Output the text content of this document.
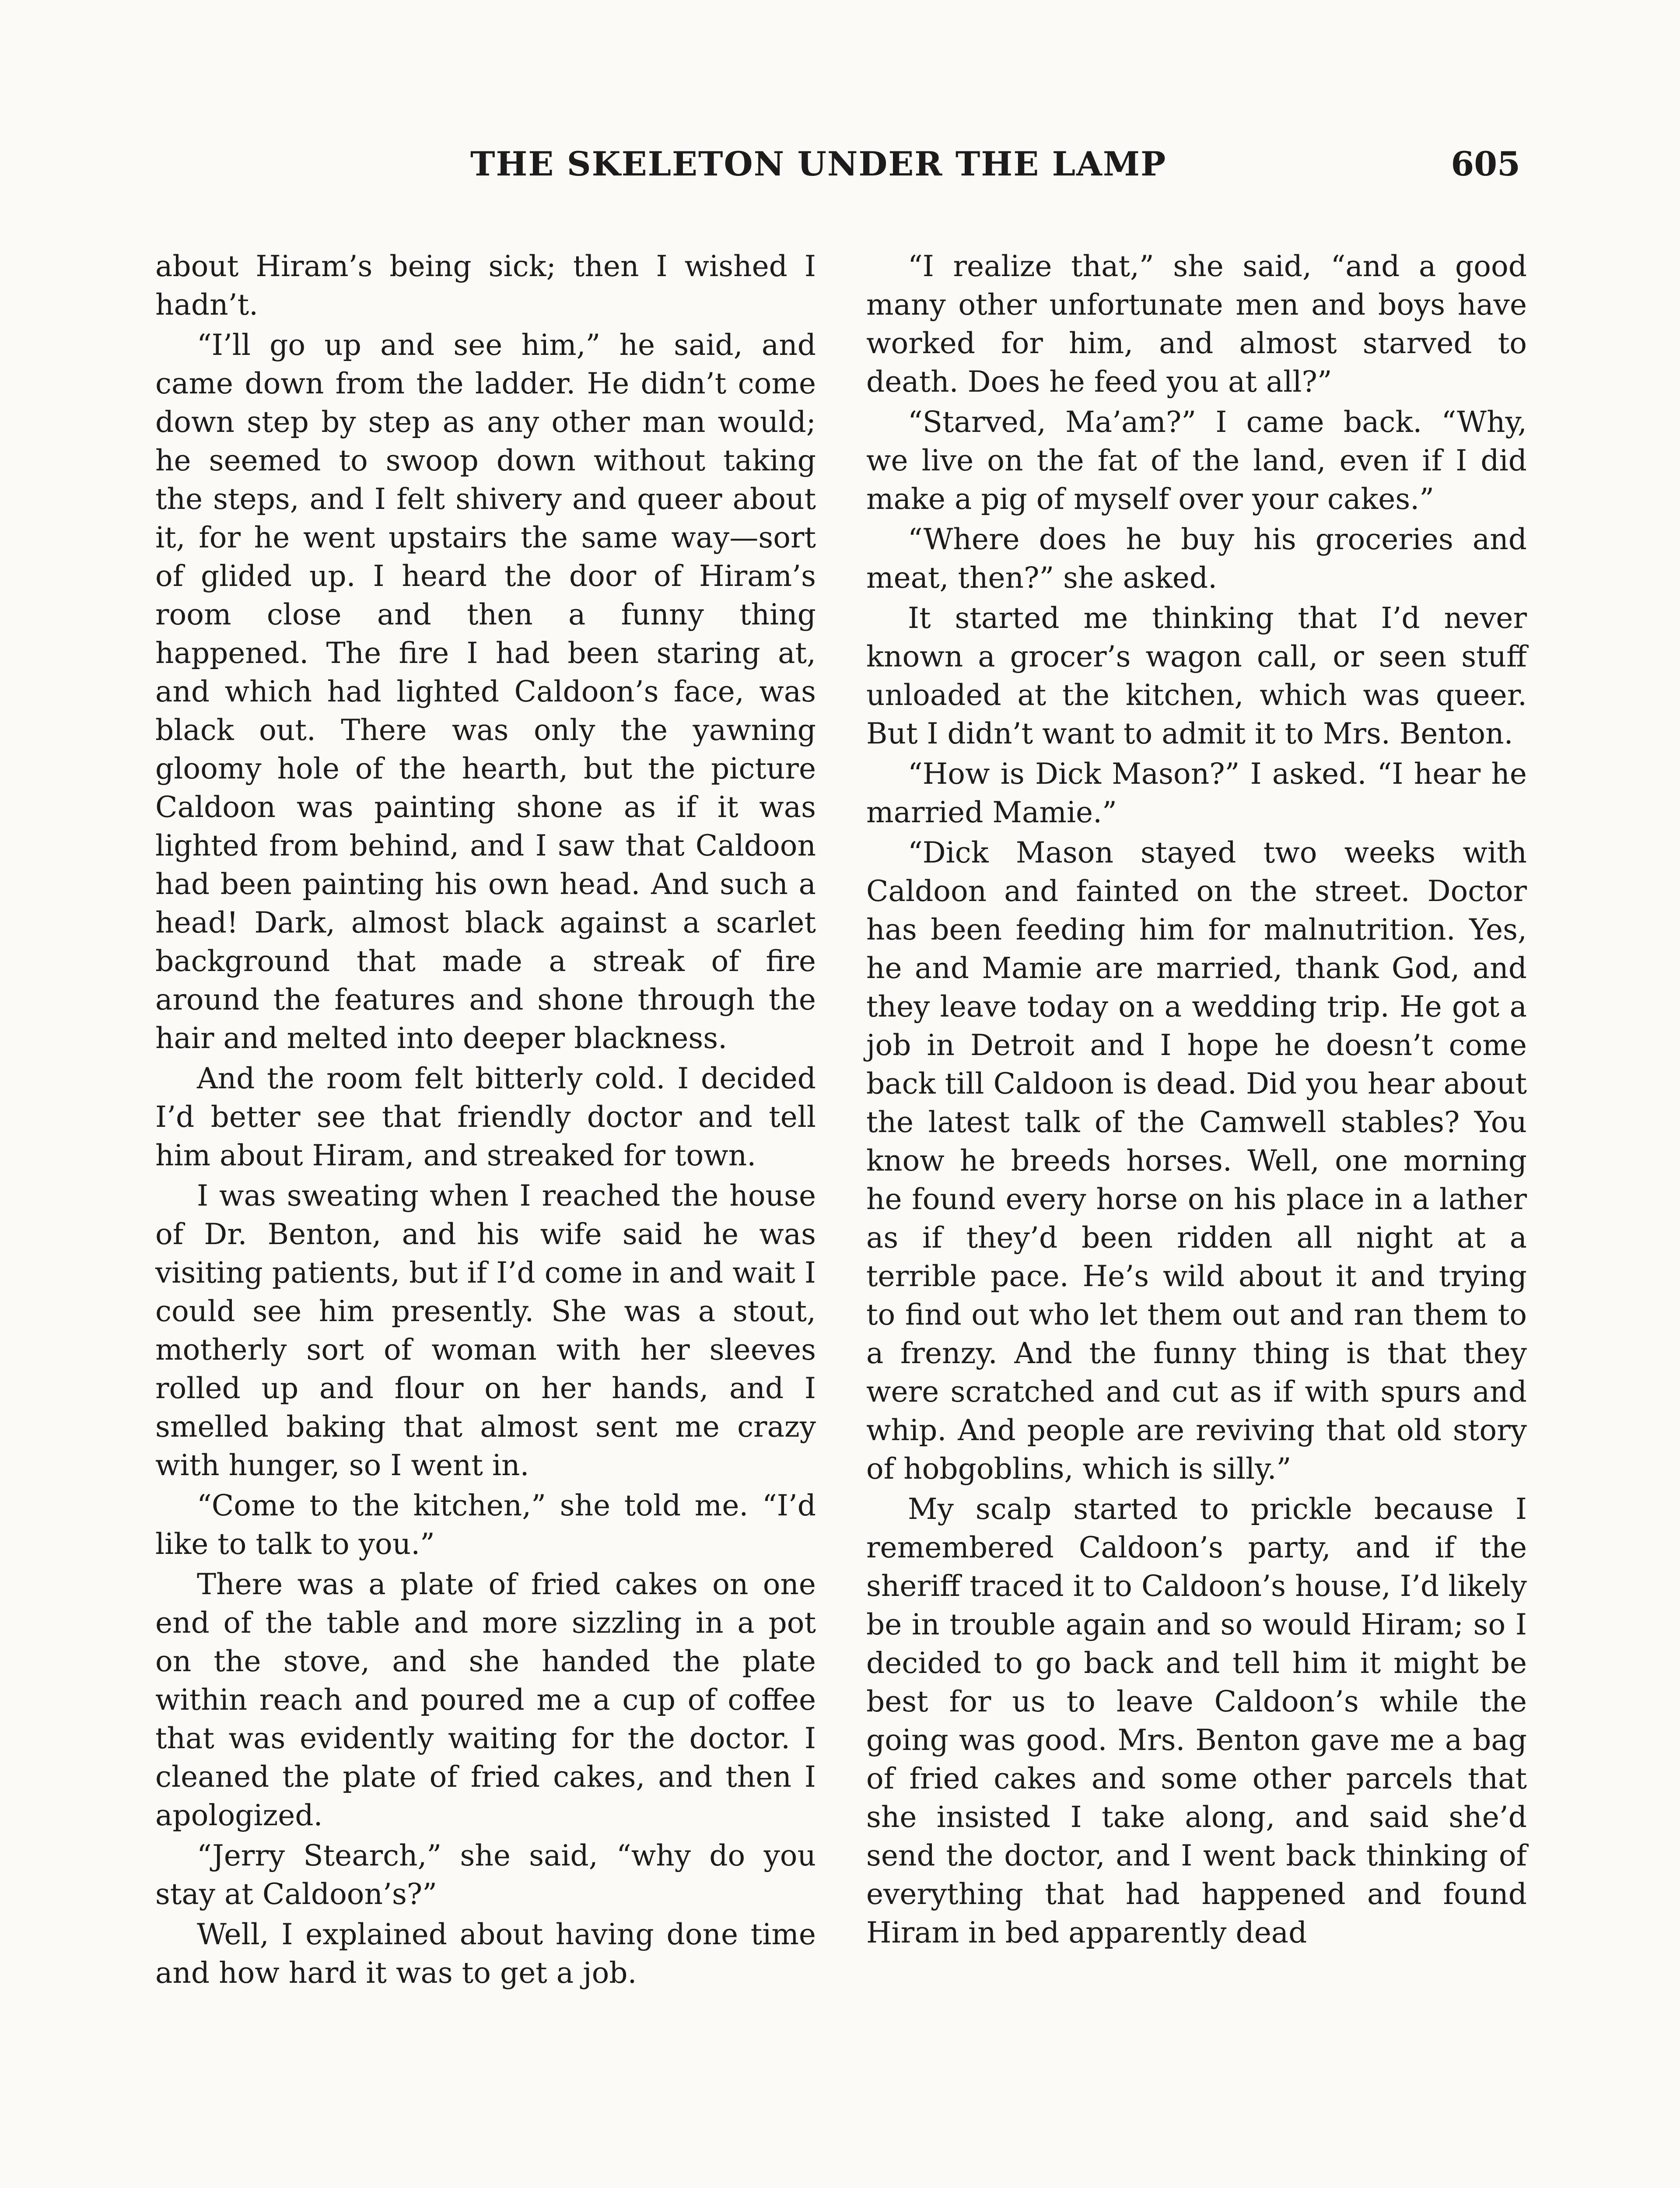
THE SKELETON UNDER THE LAMP	605

about Hiram’s being sick; then I wished I hadn’t.

“I’ll go up and see him,” he said, and came down from the ladder. He didn’t come down step by step as any other man would; he seemed to swoop down without taking the steps, and I felt shivery and queer about it, for he went upstairs the same way—sort of glided up. I heard the door of Hiram’s room close and then a funny thing happened. The fire I had been staring at, and which had lighted Caldoon’s face, was black out. There was only the yawning gloomy hole of the hearth, but the picture Caldoon was painting shone as if it was lighted from behind, and I saw that Caldoon had been painting his own head. And such a head! Dark, almost black against a scarlet background that made a streak of fire around the features and shone through the hair and melted into deeper blackness.

And the room felt bitterly cold. I decided I’d better see that friendly doctor and tell him about Hiram, and streaked for town.

I was sweating when I reached the house of Dr. Benton, and his wife said he was visiting patients, but if I’d come in and wait I could see him presently. She was a stout, motherly sort of woman with her sleeves rolled up and flour on her hands, and I smelled baking that almost sent me crazy with hunger, so I went in.

“Come to the kitchen,” she told me. “I’d like to talk to you.”

There was a plate of fried cakes on one end of the table and more sizzling in a pot on the stove, and she handed the plate within reach and poured me a cup of coffee that was evidently waiting for the doctor. I cleaned the plate of fried cakes, and then I apologized.

“Jerry Stearch,” she said, “why do you stay at Caldoon’s?”

Well, I explained about having done time and how hard it was to get a job.

“I realize that,” she said, “and a good many other unfortunate men and boys have worked for him, and almost starved to death. Does he feed you at all?”

“Starved, Ma’am?” I came back. “Why, we live on the fat of the land, even if I did make a pig of myself over your cakes.”

“Where does he buy his groceries and meat, then?” she asked.

It started me thinking that I’d never known a grocer’s wagon call, or seen stuff unloaded at the kitchen, which was queer. But I didn’t want to admit it to Mrs. Benton.

“How is Dick Mason?” I asked. “I hear he married Mamie.”

“Dick Mason stayed two weeks with Caldoon and fainted on the street. Doctor has been feeding him for malnutrition. Yes, he and Mamie are married, thank God, and they leave today on a wedding trip. He got a job in Detroit and I hope he doesn’t come back till Caldoon is dead. Did you hear about the latest talk of the Camwell stables? You know he breeds horses. Well, one morning he found every horse on his place in a lather as if they’d been ridden all night at a terrible pace. He’s wild about it and trying to find out who let them out and ran them to a frenzy. And the funny thing is that they were scratched and cut as if with spurs and whip. And people are reviving that old story of hobgoblins, which is silly.”

My scalp started to prickle because I remembered Caldoon’s party, and if the sheriff traced it to Caldoon’s house, I’d likely be in trouble again and so would Hiram; so I decided to go back and tell him it might be best for us to leave Caldoon’s while the going was good. Mrs. Benton gave me a bag of fried cakes and some other parcels that she insisted I take along, and said she’d send the doctor, and I went back thinking of everything that had happened and found Hiram in bed apparently dead
